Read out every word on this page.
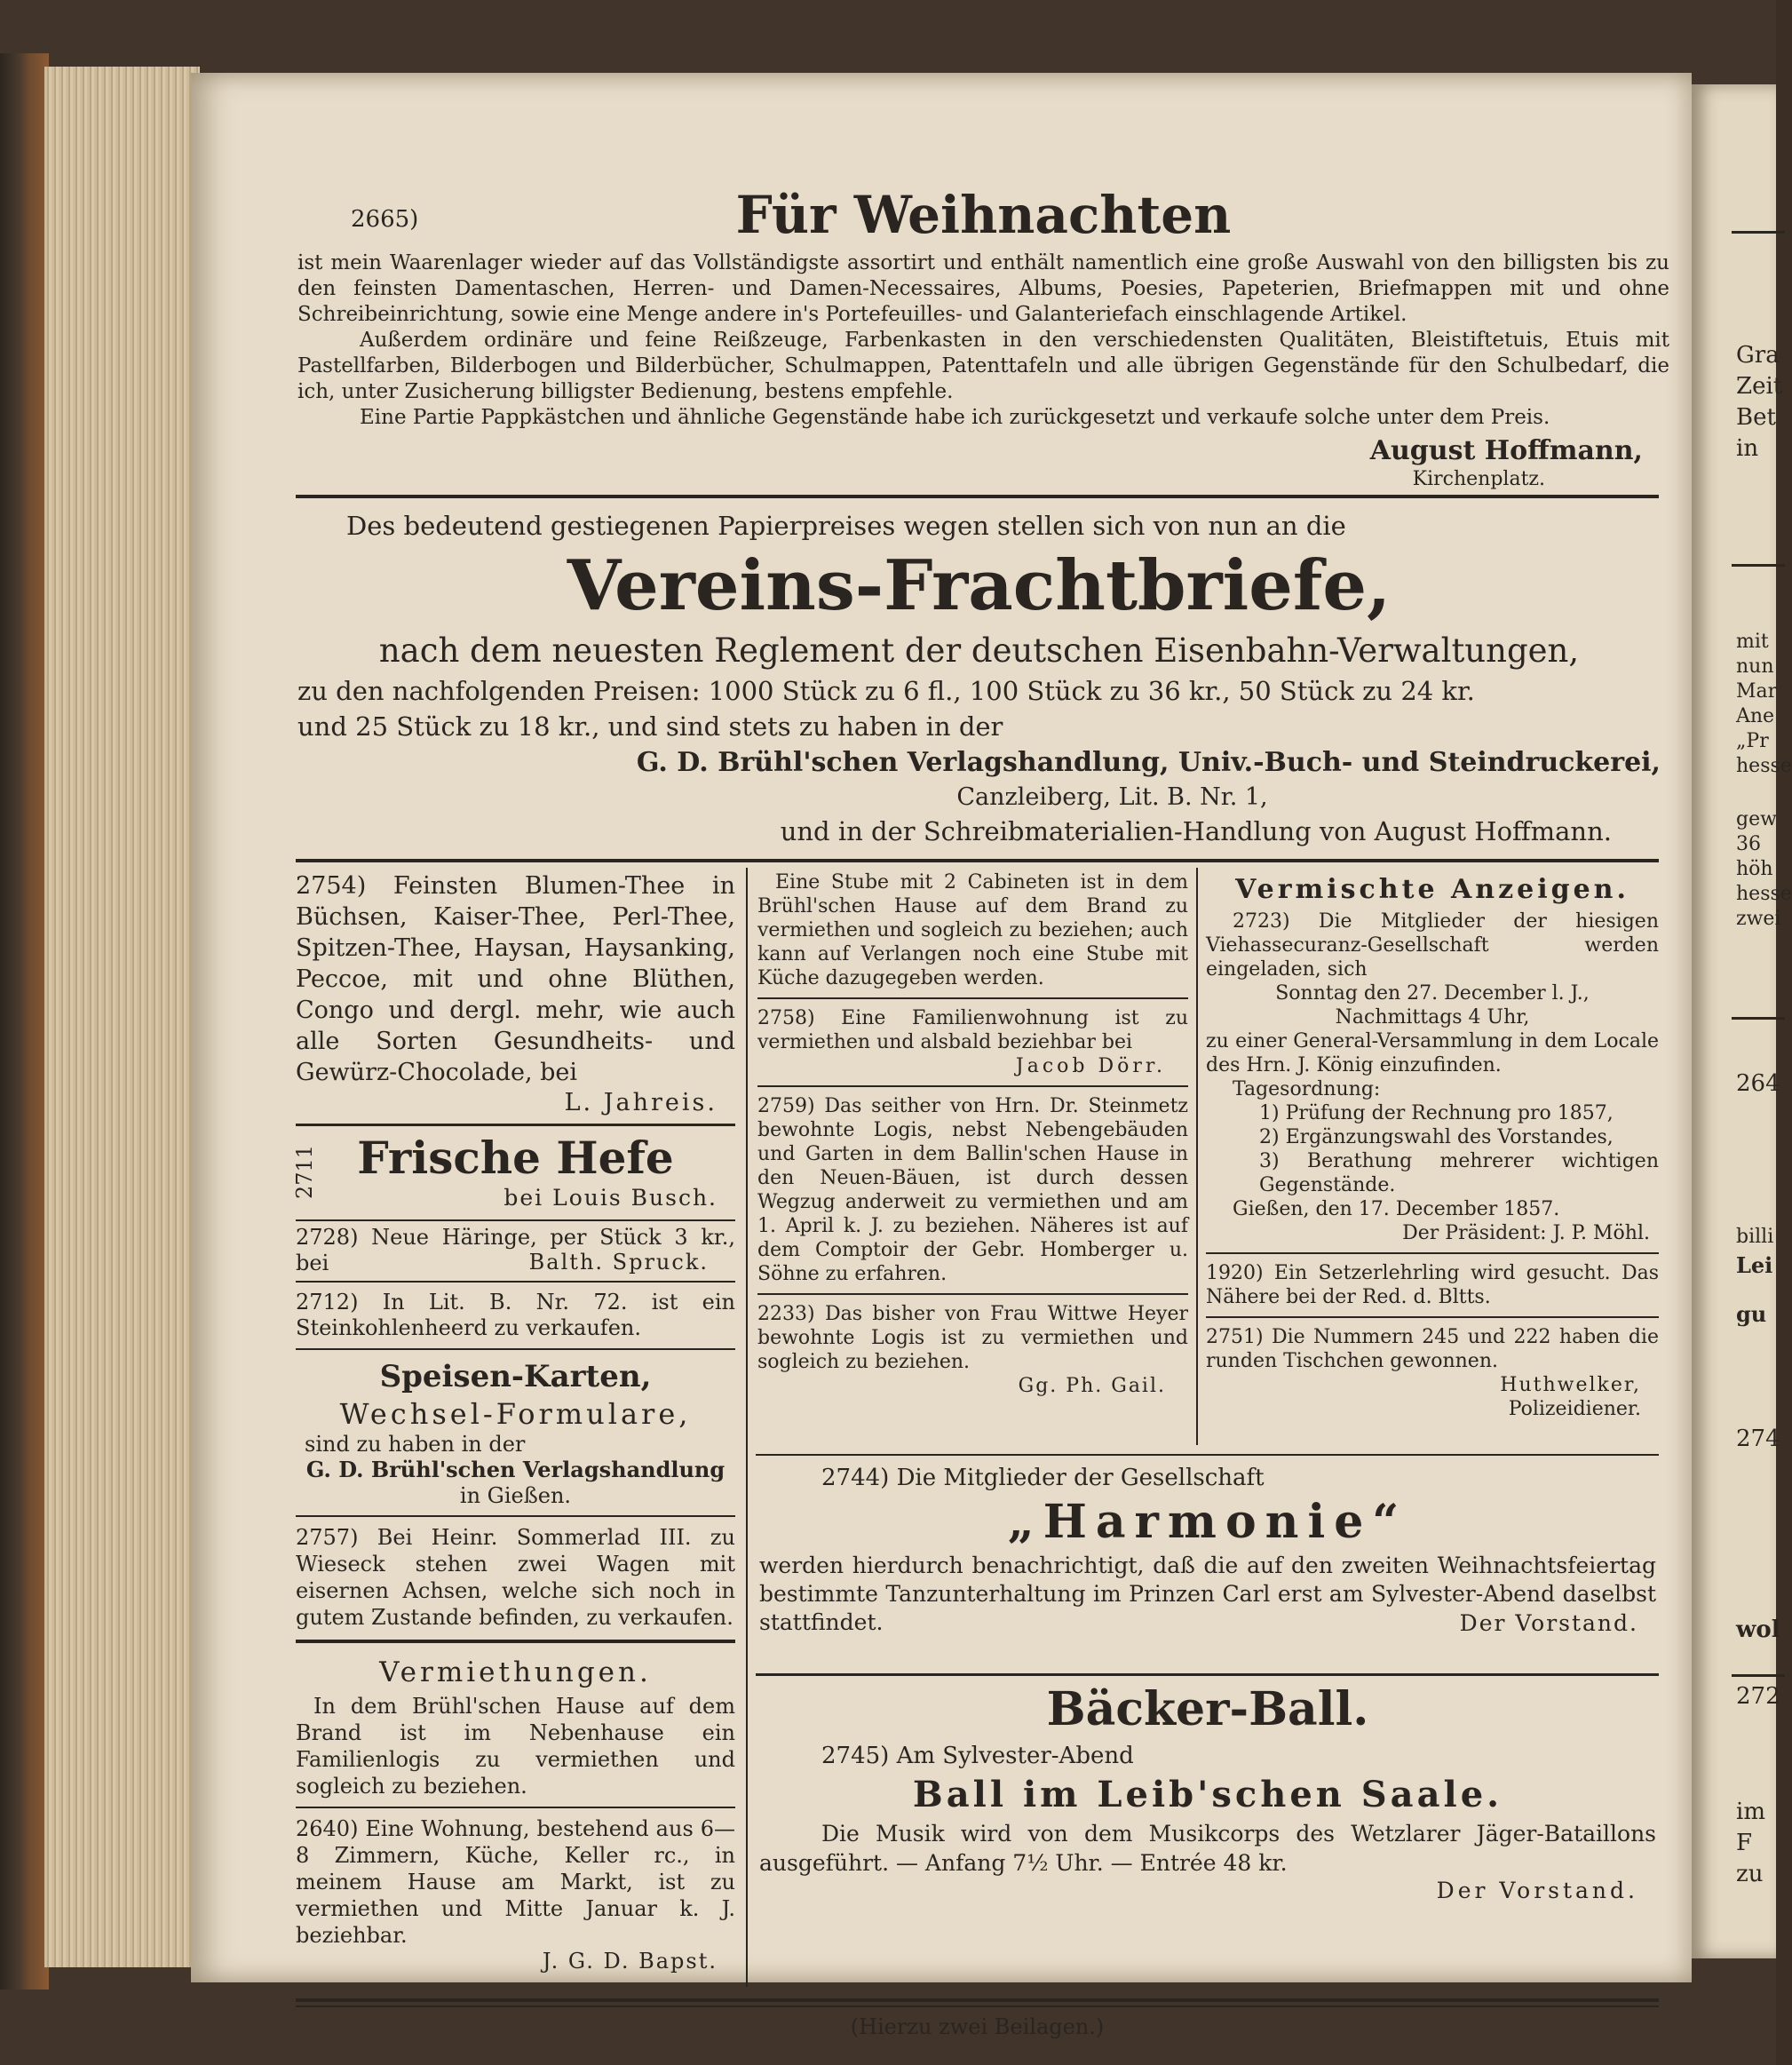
2665)	Für Weihnachten

ist mein Waarenlager wieder auf das Vollständigste assortirt und enthält namentlich eine große Auswahl von den billigsten bis zu den feinsten Damentaschen, Herren- und Damen-Necessaires, Albums, Poesies, Papeterien, Briefmappen mit und ohne Schreibeinrichtung, sowie eine Menge andere in's Portefeuilles- und Galanteriefach einschlagende Artikel.

Außerdem ordinäre und feine Reißzeuge, Farbenkasten in den verschiedensten Qualitäten, Bleistiftetuis, Etuis mit Pastellfarben, Bilderbogen und Bilderbücher, Schulmappen, Patenttafeln und alle übrigen Gegenstände für den Schulbedarf, die ich, unter Zusicherung billigster Bedienung, bestens empfehle.

Eine Partie Pappkästchen und ähnliche Gegenstände habe ich zurückgesetzt und verkaufe solche unter dem Preis.

August Hoffmann,
Kirchenplatz.
Des bedeutend gestiegenen Papierpreises wegen stellen sich von nun an die
Vereins-Frachtbriefe,
nach dem neuesten Reglement der deutschen Eisenbahn-Verwaltungen,
zu den nachfolgenden Preisen: 1000 Stück zu 6 fl., 100 Stück zu 36 kr., 50 Stück zu 24 kr.
und 25 Stück zu 18 kr., und sind stets zu haben in der
G. D. Brühl'schen Verlagshandlung, Univ.-Buch- und Steindruckerei,
Canzleiberg, Lit. B. Nr. 1,
und in der Schreibmaterialien-Handlung von August Hoffmann.

2754) Feinsten Blumen-Thee in Büchsen, Kaiser-Thee, Perl-Thee, Spitzen-Thee, Haysan, Haysanking, Peccoe, mit und ohne Blüthen, Congo und dergl. mehr, wie auch alle Sorten Gesundheits- und Gewürz-Chocolade, bei

L. Jahreis.
2711 Frische Hefe
bei Louis Busch.

2728) Neue Häringe, per Stück 3 kr., bei	Balth. Spruck.

2712) In Lit. B. Nr. 72. ist ein Steinkohlenheerd zu verkaufen.

Speisen-Karten,
Wechsel-Formulare,
sind zu haben in der
G. D. Brühl'schen Verlagshandlung
in Gießen.

2757) Bei Heinr. Sommerlad III. zu Wieseck stehen zwei Wagen mit eisernen Achsen, welche sich noch in gutem Zustande befinden, zu verkaufen.

Vermiethungen.

In dem Brühl'schen Hause auf dem Brand ist im Nebenhause ein Familienlogis zu vermiethen und sogleich zu beziehen.

2640) Eine Wohnung, bestehend aus 6—8 Zimmern, Küche, Keller rc., in meinem Hause am Markt, ist zu vermiethen und Mitte Januar k. J. beziehbar.

J. G. D. Bapst.

Eine Stube mit 2 Cabineten ist in dem Brühl'schen Hause auf dem Brand zu vermiethen und sogleich zu beziehen; auch kann auf Verlangen noch eine Stube mit Küche dazugegeben werden.

2758) Eine Familienwohnung ist zu vermiethen und alsbald beziehbar bei

Jacob Dörr.

2759) Das seither von Hrn. Dr. Steinmetz bewohnte Logis, nebst Nebengebäuden und Garten in dem Ballin'schen Hause in den Neuen-Bäuen, ist durch dessen Wegzug anderweit zu vermiethen und am 1. April k. J. zu beziehen. Näheres ist auf dem Comptoir der Gebr. Homberger u. Söhne zu erfahren.

2233) Das bisher von Frau Wittwe Heyer bewohnte Logis ist zu vermiethen und sogleich zu beziehen.

Gg. Ph. Gail.
Vermischte Anzeigen.

2723) Die Mitglieder der hiesigen Viehassecuranz-Gesellschaft werden eingeladen, sich

Sonntag den 27. December l. J.,
Nachmittags 4 Uhr,

zu einer General-Versammlung in dem Locale des Hrn. J. König einzufinden.

Tagesordnung:
1) Prüfung der Rechnung pro 1857,
2) Ergänzungswahl des Vorstandes,
3) Berathung mehrerer wichtigen Gegenstände.
Gießen, den 17. December 1857.
Der Präsident: J. P. Möhl.

1920) Ein Setzerlehrling wird gesucht. Das Nähere bei der Red. d. Bltts.

2751) Die Nummern 245 und 222 haben die runden Tischchen gewonnen.

Huthwelker,
Polizeidiener.
2744) Die Mitglieder der Gesellschaft
„Harmonie“

werden hierdurch benachrichtigt, daß die auf den zweiten Weihnachtsfeiertag bestimmte Tanzunterhaltung im Prinzen Carl erst am Sylvester-Abend daselbst stattfindet.	Der Vorstand.
Bäcker-Ball.
2745) Am Sylvester-Abend
Ball im Leib'schen Saale.

Die Musik wird von dem Musikcorps des Wetzlarer Jäger-Bataillons ausgeführt. — Anfang 7½ Uhr. — Entrée 48 kr.

Der Vorstand.
(Hierzu zwei Beilagen.)
Gra
Zeit
Bet
in
mit
nun
Mar
Ane
„Pr
hesse
gew
36
höh
hesse
zwei
264
billi
Lei
gu
274
wol
272
im
F
zu
